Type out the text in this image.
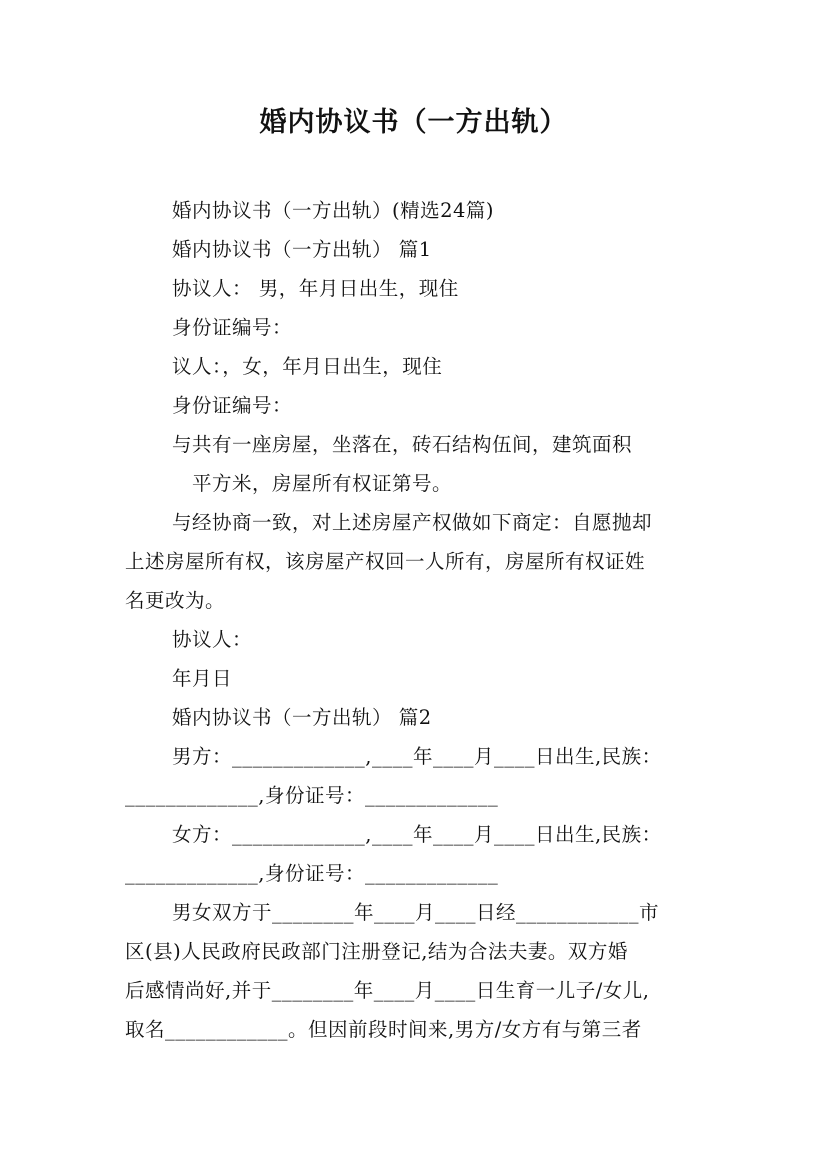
婚内协议书（一方出轨）
婚内协议书（一方出轨）(精选24篇)
婚内协议书（一方出轨） 篇1
协议人： 男，年月日出生，现住
身份证编号：
议人：，女，年月日出生，现住
身份证编号：
与共有一座房屋，坐落在，砖石结构伍间，建筑面积
平方米，房屋所有权证第号。
与经协商一致，对上述房屋产权做如下商定：自愿抛却
上述房屋所有权，该房屋产权回一人所有，房屋所有权证姓
名更改为。
协议人：
年月日
婚内协议书（一方出轨） 篇2
男方：_____________,____年____月____日出生,民族：
_____________,身份证号：_____________
女方：_____________,____年____月____日出生,民族：
_____________,身份证号：_____________
男女双方于________年____月____日经____________市
区(县)人民政府民政部门注册登记,结为合法夫妻。双方婚
后感情尚好,并于________年____月____日生育一儿子/女儿,
取名____________。但因前段时间来,男方/女方有与第三者
